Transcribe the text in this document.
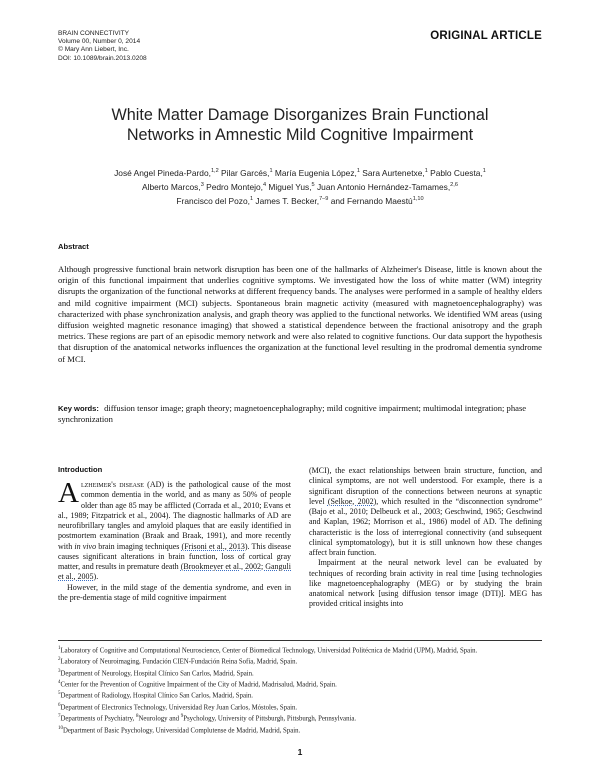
BRAIN CONNECTIVITY
Volume 00, Number 0, 2014
© Mary Ann Liebert, Inc.
DOI: 10.1089/brain.2013.0208
ORIGINAL ARTICLE
White Matter Damage Disorganizes Brain Functional
Networks in Amnestic Mild Cognitive Impairment
José Angel Pineda-Pardo,$^{1,2}$ Pilar Garcés,$^1$ María Eugenia López,$^1$ Sara Aurtenetxe,$^1$ Pablo Cuesta,$^1$
Alberto Marcos,$^3$ Pedro Montejo,$^4$ Miguel Yus,$^5$ Juan Antonio Hernández-Tamames,$^{2,6}$
Francisco del Pozo,$^1$ James T. Becker,$^{7-9}$ and Fernando Maestú$^{1,10}$
Abstract
Although progressive functional brain network disruption has been one of the hallmarks of Alzheimer's Disease, little is known about the origin of this functional impairment that underlies cognitive symptoms. We investigated how the loss of white matter (WM) integrity disrupts the organization of the functional networks at different frequency bands. The analyses were performed in a sample of healthy elders and mild cognitive impairment (MCI) subjects. Spontaneous brain magnetic activity (measured with magnetoencephalography) was characterized with phase synchronization analysis, and graph theory was applied to the functional networks. We identified WM areas (using diffusion weighted magnetic resonance imaging) that showed a statistical dependence between the fractional anisotropy and the graph metrics. These regions are part of an episodic memory network and were also related to cognitive functions. Our data support the hypothesis that disruption of the anatomical networks influences the organization at the functional level resulting in the prodromal dementia syndrome of MCI.
Key words: diffusion tensor image; graph theory; magnetoencephalography; mild cognitive impairment; multimodal integration; phase synchronization
Introduction

Alzheimer's disease (AD) is the pathological cause of the most common dementia in the world, and as many as 50% of people older than age 85 may be afflicted (Corrada et al., 2010; Evans et al., 1989; Fitzpatrick et al., 2004). The diagnostic hallmarks of AD are neurofibrillary tangles and amyloid plaques that are easily identified in postmortem examination (Braak and Braak, 1991), and more recently with in vivo brain imaging techniques (Frisoni et al., 2013). This disease causes significant alterations in brain function, loss of cortical gray matter, and results in premature death (Brookmeyer et al., 2002; Ganguli et al., 2005).

However, in the mild stage of the dementia syndrome, and even in the pre-dementia stage of mild cognitive impairment

(MCI), the exact relationships between brain structure, function, and clinical symptoms, are not well understood. For example, there is a significant disruption of the connections between neurons at synaptic level (Selkoe, 2002), which resulted in the “disconnection syndrome” (Bajo et al., 2010; Delbeuck et al., 2003; Geschwind, 1965; Geschwind and Kaplan, 1962; Morrison et al., 1986) model of AD. The defining characteristic is the loss of interregional connectivity (and subsequent clinical symptomatology), but it is still unknown how these changes affect brain function.

Impairment at the neural network level can be evaluated by techniques of recording brain activity in real time [using technologies like magnetoencephalography (MEG) or by studying the brain anatomical network [using diffusion tensor image (DTI)]. MEG has provided critical insights into

$^1$Laboratory of Cognitive and Computational Neuroscience, Center of Biomedical Technology, Universidad Politécnica de Madrid (UPM), Madrid, Spain.
$^2$Laboratory of Neuroimaging, Fundación CIEN-Fundación Reina Sofía, Madrid, Spain.
$^3$Department of Neurology, Hospital Clínico San Carlos, Madrid, Spain.
$^4$Center for the Prevention of Cognitive Impairment of the City of Madrid, Madrisalud, Madrid, Spain.
$^5$Department of Radiology, Hospital Clínico San Carlos, Madrid, Spain.
$^6$Department of Electronics Technology, Universidad Rey Juan Carlos, Móstoles, Spain.
$^7$Departments of Psychiatry, $^8$Neurology and $^9$Psychology, University of Pittsburgh, Pittsburgh, Pennsylvania.
$^{10}$Department of Basic Psychology, Universidad Complutense de Madrid, Madrid, Spain.
1
